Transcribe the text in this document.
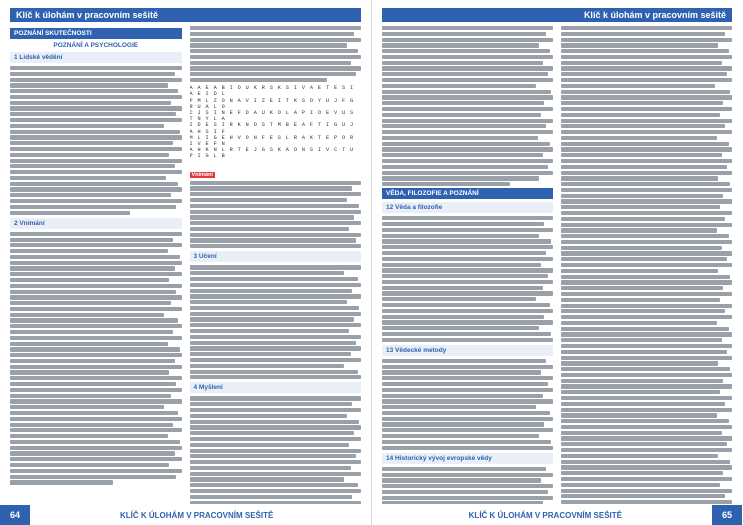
Klíč k úlohám v pracovním sešitě
POZNÁNÍ SKUTEČNOSTI
POZNÁNÍ A PSYCHOLOGIE
1 Lidské vědění
2 Vnímání
A A E A B I O U K R S K S I V A E T E S I A E I D L
P M L Z O N A V I Z E I T K S O Y U J F G R U A L O
C J S I N E F D A U K O L A P I O E V U S T N Y L A
I D E S I R K N O S T M B E A F T I G U J A H S I F
M L I G E H V O N F E S L R A K T E P O R I V E F N
A H K N L R T E J G S K A O N S I V C T U P I G L B
Vnímání
3 Učení
4 Myšlení
64	KLÍČ K ÚLOHÁM V PRACOVNÍM SEŠITĚ
Klíč k úlohám v pracovním sešitě
VĚDA, FILOZOFIE A POZNÁNÍ
12 Věda a filozofie
13 Vědecké metody
14 Historický vývoj evropské vědy
KLÍČ K ÚLOHÁM V PRACOVNÍM SEŠITĚ	65
